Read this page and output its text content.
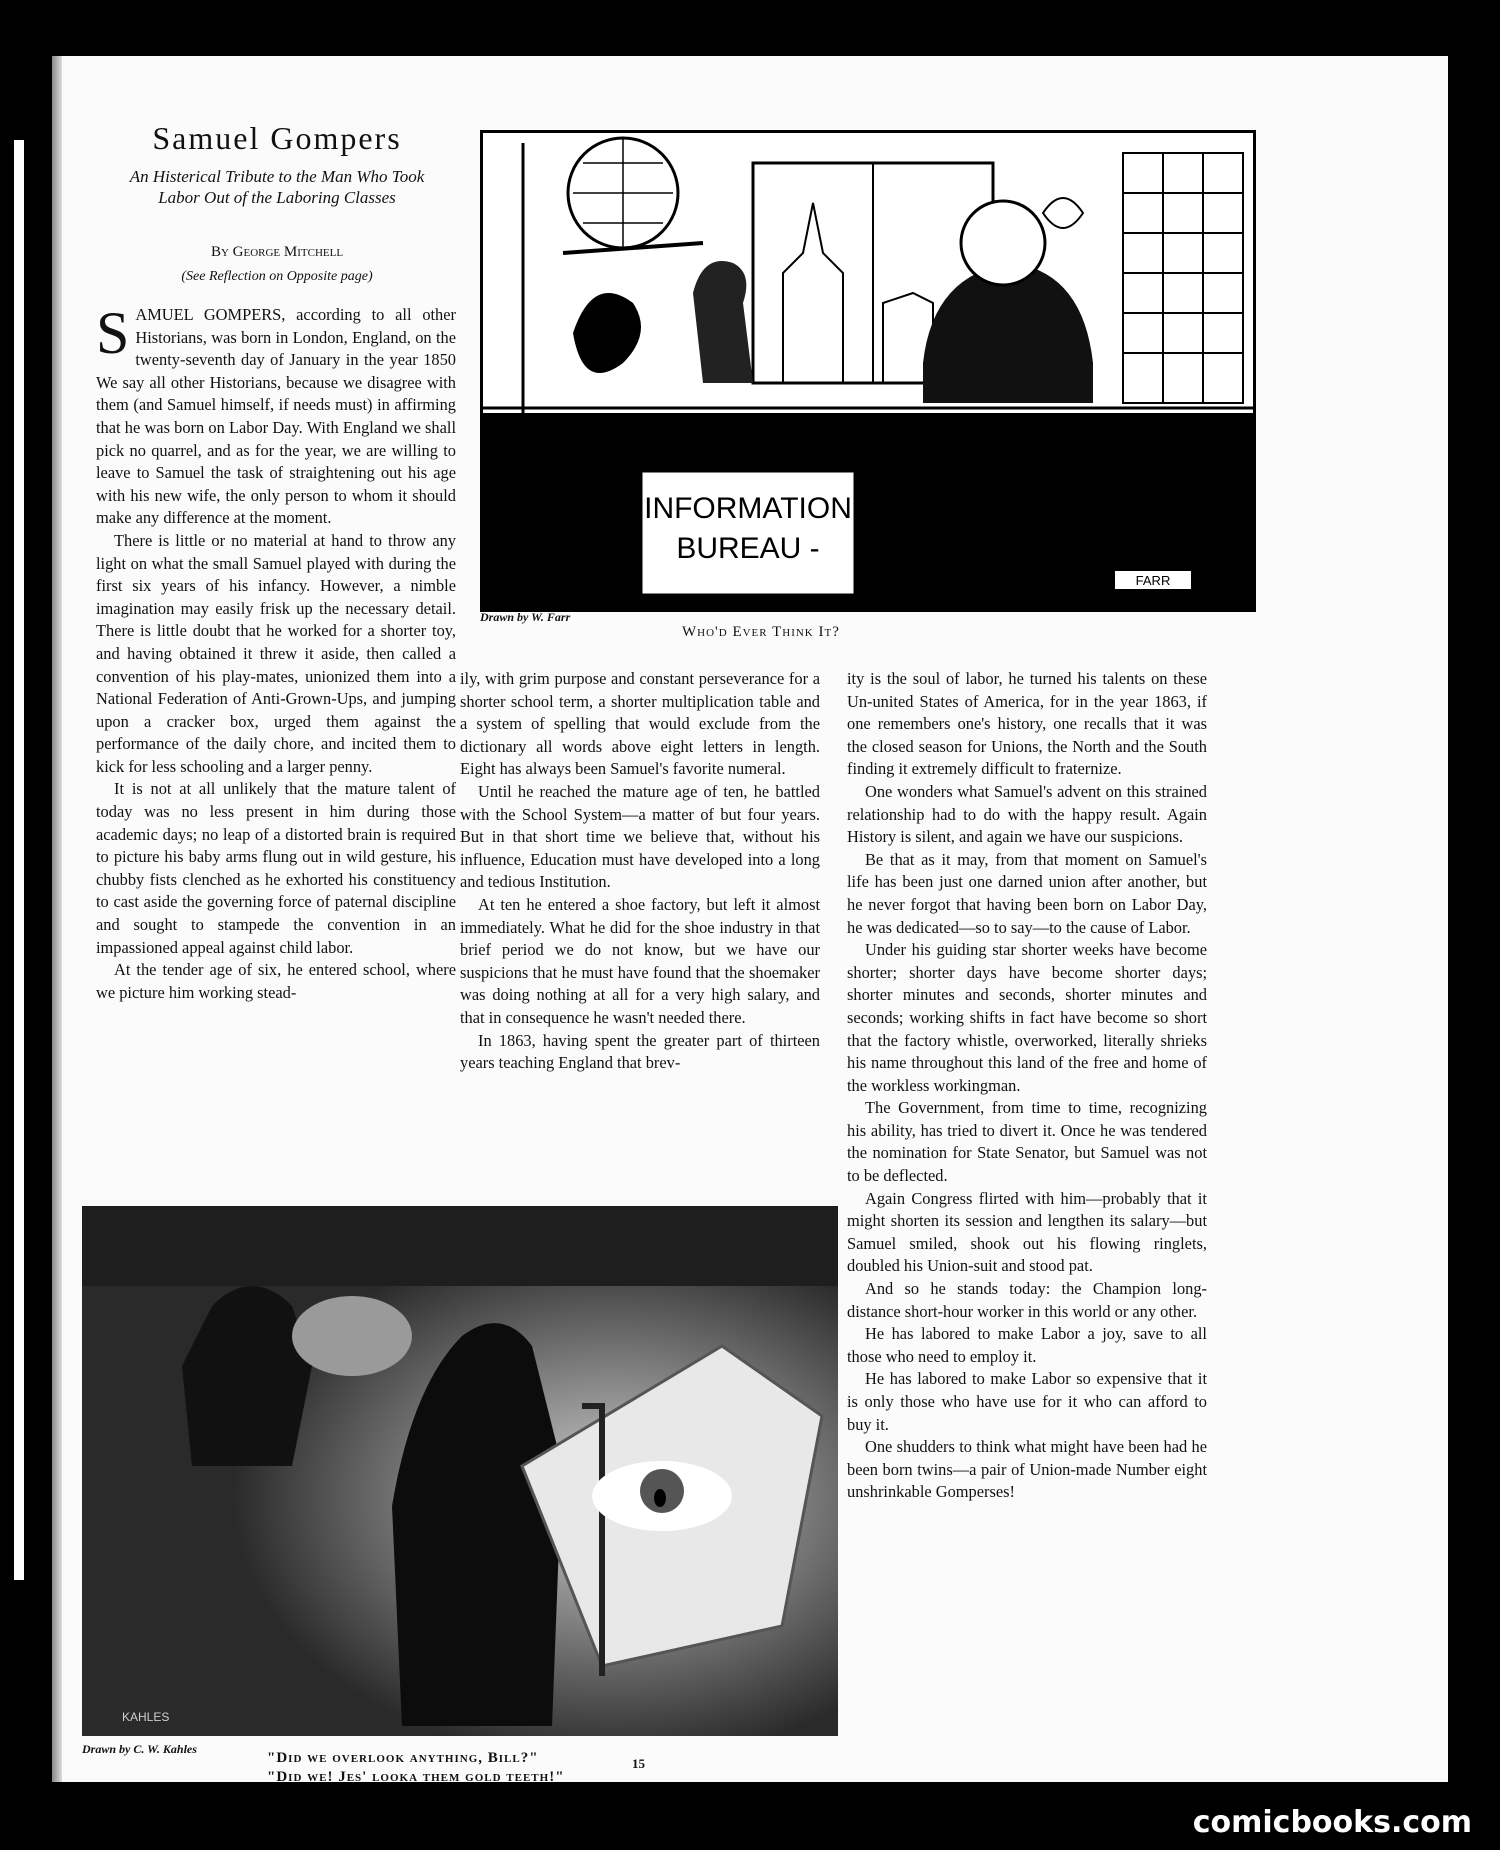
Samuel Gompers
An Histerical Tribute to the Man Who Took Labor Out of the Laboring Classes
By George Mitchell
(See Reflection on Opposite page)

SAMUEL GOMPERS, according to all other Historians, was born in London, England, on the twenty-seventh day of January in the year 1850 We say all other Historians, because we disagree with them (and Samuel himself, if needs must) in affirming that he was born on Labor Day. With England we shall pick no quarrel, and as for the year, we are willing to leave to Samuel the task of straightening out his age with his new wife, the only person to whom it should make any difference at the moment.

There is little or no material at hand to throw any light on what the small Samuel played with during the first six years of his infancy. However, a nimble imagination may easily frisk up the necessary detail. There is little doubt that he worked for a shorter toy, and having obtained it threw it aside, then called a convention of his play-mates, unionized them into a National Federation of Anti-Grown-Ups, and jumping upon a cracker box, urged them against the performance of the daily chore, and incited them to kick for less schooling and a larger penny.

It is not at all unlikely that the mature talent of today was no less present in him during those academic days; no leap of a distorted brain is required to picture his baby arms flung out in wild gesture, his chubby fists clenched as he exhorted his constituency to cast aside the governing force of paternal discipline and sought to stampede the convention in an impassioned appeal against child labor.

At the tender age of six, he entered school, where we picture him working stead-

INFORMATION
BUREAU -
FARR
Drawn by W. Farr
Who'd Ever Think It?

ily, with grim purpose and constant perseverance for a shorter school term, a shorter multiplication table and a system of spelling that would exclude from the dictionary all words above eight letters in length. Eight has always been Samuel's favorite numeral.

Until he reached the mature age of ten, he battled with the School System—a matter of but four years. But in that short time we believe that, without his influence, Education must have developed into a long and tedious Institution.

At ten he entered a shoe factory, but left it almost immediately. What he did for the shoe industry in that brief period we do not know, but we have our suspicions that he must have found that the shoemaker was doing nothing at all for a very high salary, and that in consequence he wasn't needed there.

In 1863, having spent the greater part of thirteen years teaching England that brev-

ity is the soul of labor, he turned his talents on these Un-united States of America, for in the year 1863, if one remembers one's history, one recalls that it was the closed season for Unions, the North and the South finding it extremely difficult to fraternize.

One wonders what Samuel's advent on this strained relationship had to do with the happy result. Again History is silent, and again we have our suspicions.

Be that as it may, from that moment on Samuel's life has been just one darned union after another, but he never forgot that having been born on Labor Day, he was dedicated—so to say—to the cause of Labor.

Under his guiding star shorter weeks have become shorter; shorter days have become shorter days; shorter minutes and seconds, shorter minutes and seconds; working shifts in fact have become so short that the factory whistle, overworked, literally shrieks his name throughout this land of the free and home of the workless workingman.

The Government, from time to time, recognizing his ability, has tried to divert it. Once he was tendered the nomination for State Senator, but Samuel was not to be deflected.

Again Congress flirted with him—probably that it might shorten its session and lengthen its salary—but Samuel smiled, shook out his flowing ringlets, doubled his Union-suit and stood pat.

And so he stands today: the Champion long-distance short-hour worker in this world or any other.

He has labored to make Labor a joy, save to all those who need to employ it.

He has labored to make Labor so expensive that it is only those who have use for it who can afford to buy it.

One shudders to think what might have been had he been born twins—a pair of Union-made Number eight unshrinkable Gomperses!

KAHLES
Drawn by C. W. Kahles
"Did we overlook anything, Bill?"
"Did we! Jes' looka them gold teeth!"
15
comicbooks.com
